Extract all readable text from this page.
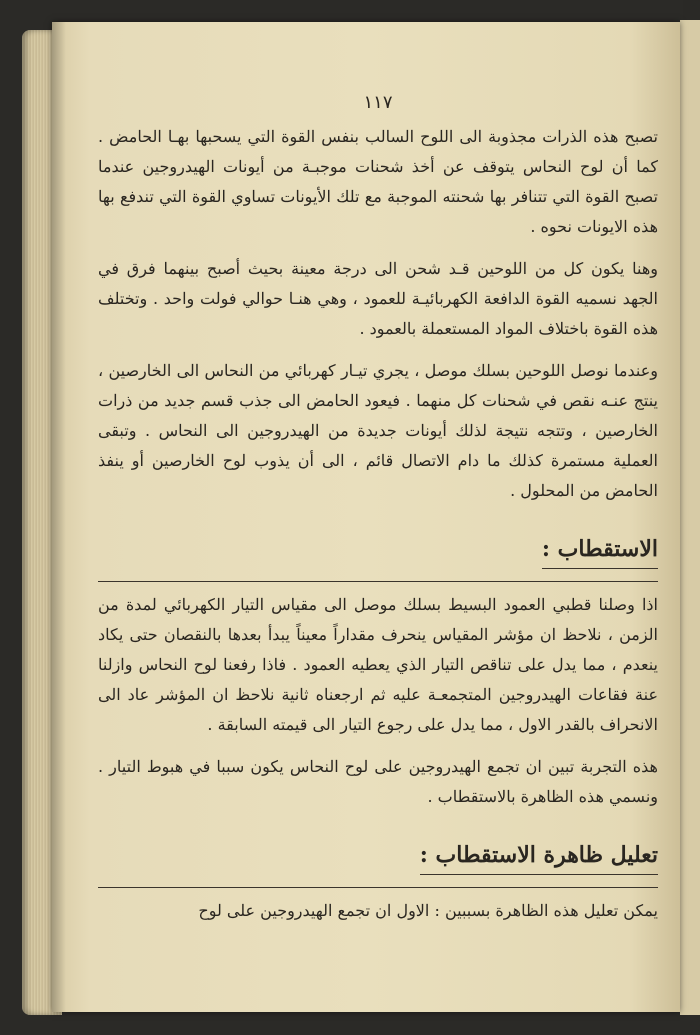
١١٧

تصبح هذه الذرات مجذوبة الى اللوح السالب بنفس القوة التي يسحبها بهـا الحامض . كما أن لوح النحاس يتوقف عن أخذ شحنات موجبـة من أيونات الهيدروجين عندما تصبح القوة التي تتنافر بها شحنته الموجبة مع تلك الأيونات تساوي القوة التي تندفع بها هذه الايونات نحوه .

وهنا يكون كل من اللوحين قـد شحن الى درجة معينة بحيث أصبح بينهما فرق في الجهد نسميه القوة الدافعة الكهربائيـة للعمود ، وهي هنـا حوالي فولت واحد . وتختلف هذه القوة باختلاف المواد المستعملة بالعمود .

وعندما نوصل اللوحين بسلك موصل ، يجري تيـار كهربائي من النحاس الى الخارصين ، ينتج عنـه نقص في شحنات كل منهما . فيعود الحامض الى جذب قسم جديد من ذرات الخارصين ، وتتجه نتيجة لذلك أيونات جديدة من الهيدروجين الى النحاس . وتبقى العملية مستمرة كذلك ما دام الاتصال قائم ، الى أن يذوب لوح الخارصين أو ينفذ الحامض من المحلول .

الاستقطاب :

اذا وصلنا قطبي العمود البسيط بسلك موصل الى مقياس التيار الكهربائي لمدة من الزمن ، نلاحظ ان مؤشر المقياس ينحرف مقداراً معيناً يبدأ بعدها بالنقصان حتى يكاد ينعدم ، مما يدل على تناقص التيار الذي يعطيه العمود . فاذا رفعنا لوح النحاس وازلنا عنة فقاعات الهيدروجين المتجمعـة عليه ثم ارجعناه ثانية نلاحظ ان المؤشر عاد الى الانحراف بالقدر الاول ، مما يدل على رجوع التيار الى قيمته السابقة .

هذه التجربة تبين ان تجمع الهيدروجين على لوح النحاس يكون سببا في هبوط التيار . ونسمي هذه الظاهرة بالاستقطاب .

تعليل ظاهرة الاستقطاب :

يمكن تعليل هذه الظاهرة بسببين : الاول ان تجمع الهيدروجين على لوح
